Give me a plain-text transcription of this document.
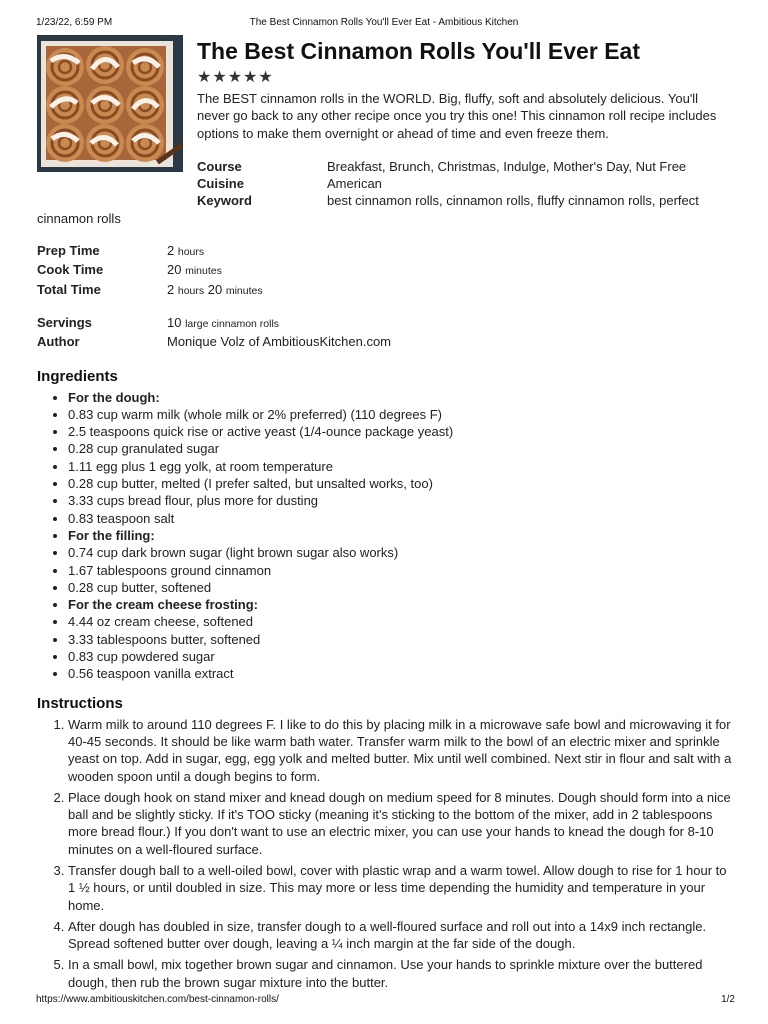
1/23/22, 6:59 PM	The Best Cinnamon Rolls You'll Ever Eat - Ambitious Kitchen
The Best Cinnamon Rolls You'll Ever Eat
★★★★★

The BEST cinnamon rolls in the WORLD. Big, fluffy, soft and absolutely delicious. You'll never go back to any other recipe once you try this one! This cinnamon roll recipe includes options to make them overnight or ahead of time and even freeze them.

Course	Breakfast, Brunch, Christmas, Indulge, Mother's Day, Nut Free
Cuisine	American
Keyword	best cinnamon rolls, cinnamon rolls, fluffy cinnamon rolls, perfect cinnamon rolls
Prep Time	2 hours
Cook Time	20 minutes
Total Time	2 hours 20 minutes
Servings	10 large cinnamon rolls
Author	Monique Volz of AmbitiousKitchen.com
Ingredients
• For the dough:
• 0.83 cup warm milk (whole milk or 2% preferred) (110 degrees F)
• 2.5 teaspoons quick rise or active yeast (1/4-ounce package yeast)
• 0.28 cup granulated sugar
• 1.11 egg plus 1 egg yolk, at room temperature
• 0.28 cup butter, melted (I prefer salted, but unsalted works, too)
• 3.33 cups bread flour, plus more for dusting
• 0.83 teaspoon salt
• For the filling:
• 0.74 cup dark brown sugar (light brown sugar also works)
• 1.67 tablespoons ground cinnamon
• 0.28 cup butter, softened
• For the cream cheese frosting:
• 4.44 oz cream cheese, softened
• 3.33 tablespoons butter, softened
• 0.83 cup powdered sugar
• 0.56 teaspoon vanilla extract
Instructions
1. Warm milk to around 110 degrees F. I like to do this by placing milk in a microwave safe bowl and microwaving it for 40-45 seconds. It should be like warm bath water. Transfer warm milk to the bowl of an electric mixer and sprinkle yeast on top. Add in sugar, egg, egg yolk and melted butter. Mix until well combined. Next stir in flour and salt with a wooden spoon until a dough begins to form.
2. Place dough hook on stand mixer and knead dough on medium speed for 8 minutes. Dough should form into a nice ball and be slightly sticky. If it's TOO sticky (meaning it's sticking to the bottom of the mixer, add in 2 tablespoons more bread flour.) If you don't want to use an electric mixer, you can use your hands to knead the dough for 8-10 minutes on a well-floured surface.
3. Transfer dough ball to a well-oiled bowl, cover with plastic wrap and a warm towel. Allow dough to rise for 1 hour to 1 ½ hours, or until doubled in size. This may more or less time depending the humidity and temperature in your home.
4. After dough has doubled in size, transfer dough to a well-floured surface and roll out into a 14x9 inch rectangle. Spread softened butter over dough, leaving a ¼ inch margin at the far side of the dough.
5. In a small bowl, mix together brown sugar and cinnamon. Use your hands to sprinkle mixture over the buttered dough, then rub the brown sugar mixture into the butter.
https://www.ambitiouskitchen.com/best-cinnamon-rolls/	1/2
